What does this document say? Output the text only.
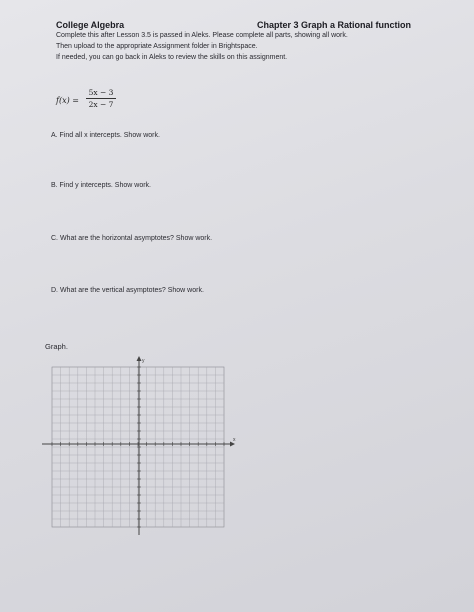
College Algebra	Chapter 3 Graph a Rational function
Complete this after Lesson 3.5 is passed in Aleks. Please complete all parts, showing all work.
Then upload to the appropriate Assignment folder in Brightspace.
If needed, you can go back in Aleks to review the skills on this assignment.
f(x) =
5x − 3
2x − 7
A. Find all x intercepts. Show work.
B. Find y intercepts. Show work.
C. What are the horizontal asymptotes? Show work.
D. What are the vertical asymptotes? Show work.
Graph.
x
y
